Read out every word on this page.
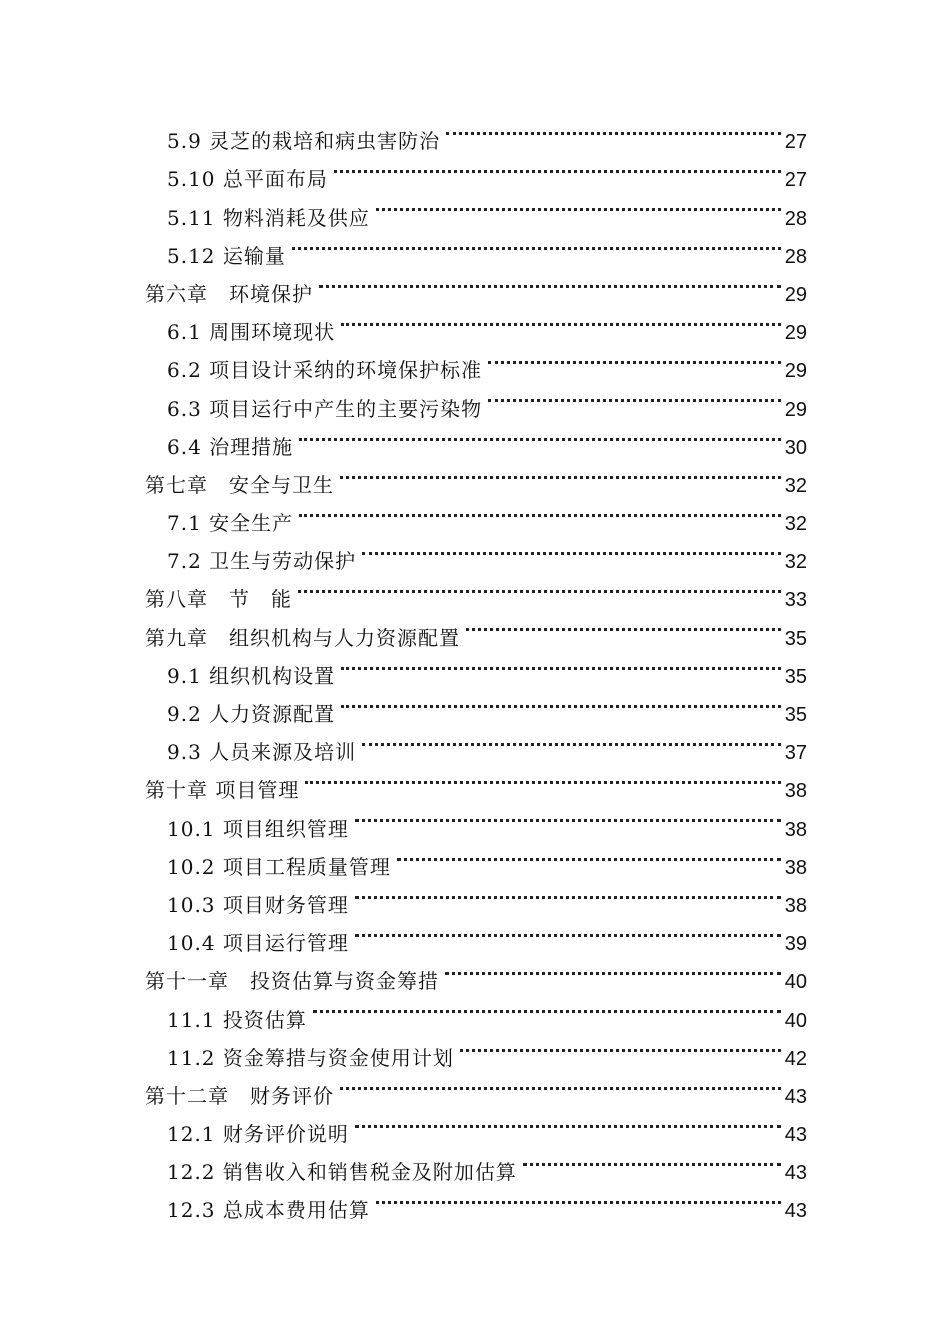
5.9 灵芝的栽培和病虫害防治	27
5.10 总平面布局	27
5.11 物料消耗及供应	28
5.12 运输量	28
第六章　环境保护	29
6.1 周围环境现状	29
6.2 项目设计采纳的环境保护标准	29
6.3 项目运行中产生的主要污染物	29
6.4 治理措施	30
第七章　安全与卫生	32
7.1 安全生产	32
7.2 卫生与劳动保护	32
第八章　节　能	33
第九章　组织机构与人力资源配置	35
9.1 组织机构设置	35
9.2 人力资源配置	35
9.3 人员来源及培训	37
第十章 项目管理	38
10.1 项目组织管理	38
10.2 项目工程质量管理	38
10.3 项目财务管理	38
10.4 项目运行管理	39
第十一章　投资估算与资金筹措	40
11.1 投资估算	40
11.2 资金筹措与资金使用计划	42
第十二章　财务评价	43
12.1 财务评价说明	43
12.2 销售收入和销售税金及附加估算	43
12.3 总成本费用估算	43
